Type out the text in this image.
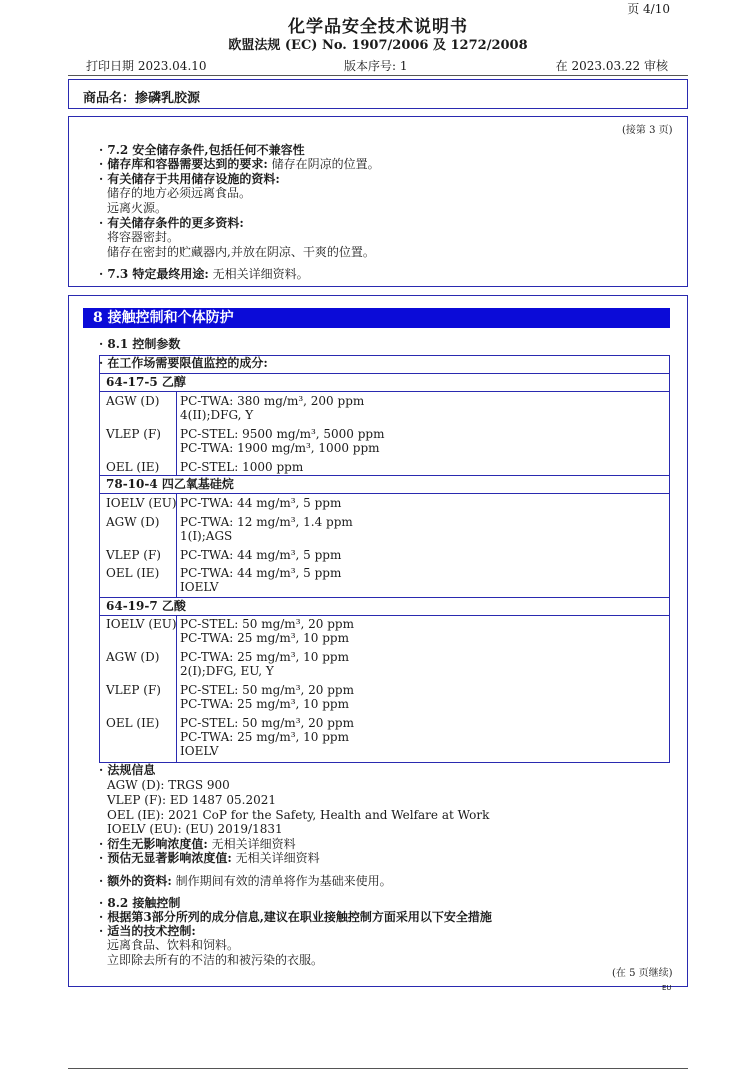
页 4/10
化学品安全技术说明书
欧盟法规 (EC) No. 1907/2006 及 1272/2008
打印日期 2023.04.10	版本序号: 1	在 2023.03.22 审核
商品名：掺磷乳胶源
(接第 3 页)
· 7.2 安全储存条件,包括任何不兼容性
· 储存库和容器需要达到的要求: 储存在阴凉的位置。
· 有关储存于共用储存设施的资料:
储存的地方必须远离食品。
远离火源。
· 有关储存条件的更多资料:
将容器密封。
储存在密封的贮藏器内,并放在阴凉、干爽的位置。
· 7.3 特定最终用途: 无相关详细资料。
8 接触控制和个体防护
· 8.1 控制参数
· 在工作场需要限值监控的成分:
64-17-5 乙醇
AGW (D) PC-TWA: 380 mg/m³, 200 ppm
4(II);DFG, Y
VLEP (F) PC-STEL: 9500 mg/m³, 5000 ppm
PC-TWA: 1900 mg/m³, 1000 ppm
OEL (IE) PC-STEL: 1000 ppm
78-10-4 四乙氧基硅烷
IOELV (EU) PC-TWA: 44 mg/m³, 5 ppm
AGW (D) PC-TWA: 12 mg/m³, 1.4 ppm
1(I);AGS
VLEP (F) PC-TWA: 44 mg/m³, 5 ppm
OEL (IE) PC-TWA: 44 mg/m³, 5 ppm
IOELV
64-19-7 乙酸
IOELV (EU) PC-STEL: 50 mg/m³, 20 ppm
PC-TWA: 25 mg/m³, 10 ppm
AGW (D) PC-TWA: 25 mg/m³, 10 ppm
2(I);DFG, EU, Y
VLEP (F) PC-STEL: 50 mg/m³, 20 ppm
PC-TWA: 25 mg/m³, 10 ppm
OEL (IE) PC-STEL: 50 mg/m³, 20 ppm
PC-TWA: 25 mg/m³, 10 ppm
IOELV
· 法规信息
AGW (D): TRGS 900
VLEP (F): ED 1487 05.2021
OEL (IE): 2021 CoP for the Safety, Health and Welfare at Work
IOELV (EU): (EU) 2019/1831
· 衍生无影响浓度值: 无相关详细资料
· 预估无显著影响浓度值: 无相关详细资料
· 额外的资料: 制作期间有效的清单将作为基础来使用。
· 8.2 接触控制
· 根据第3部分所列的成分信息,建议在职业接触控制方面采用以下安全措施
· 适当的技术控制:
远离食品、饮料和饲料。
立即除去所有的不洁的和被污染的衣服。
(在 5 页继续)
EU
